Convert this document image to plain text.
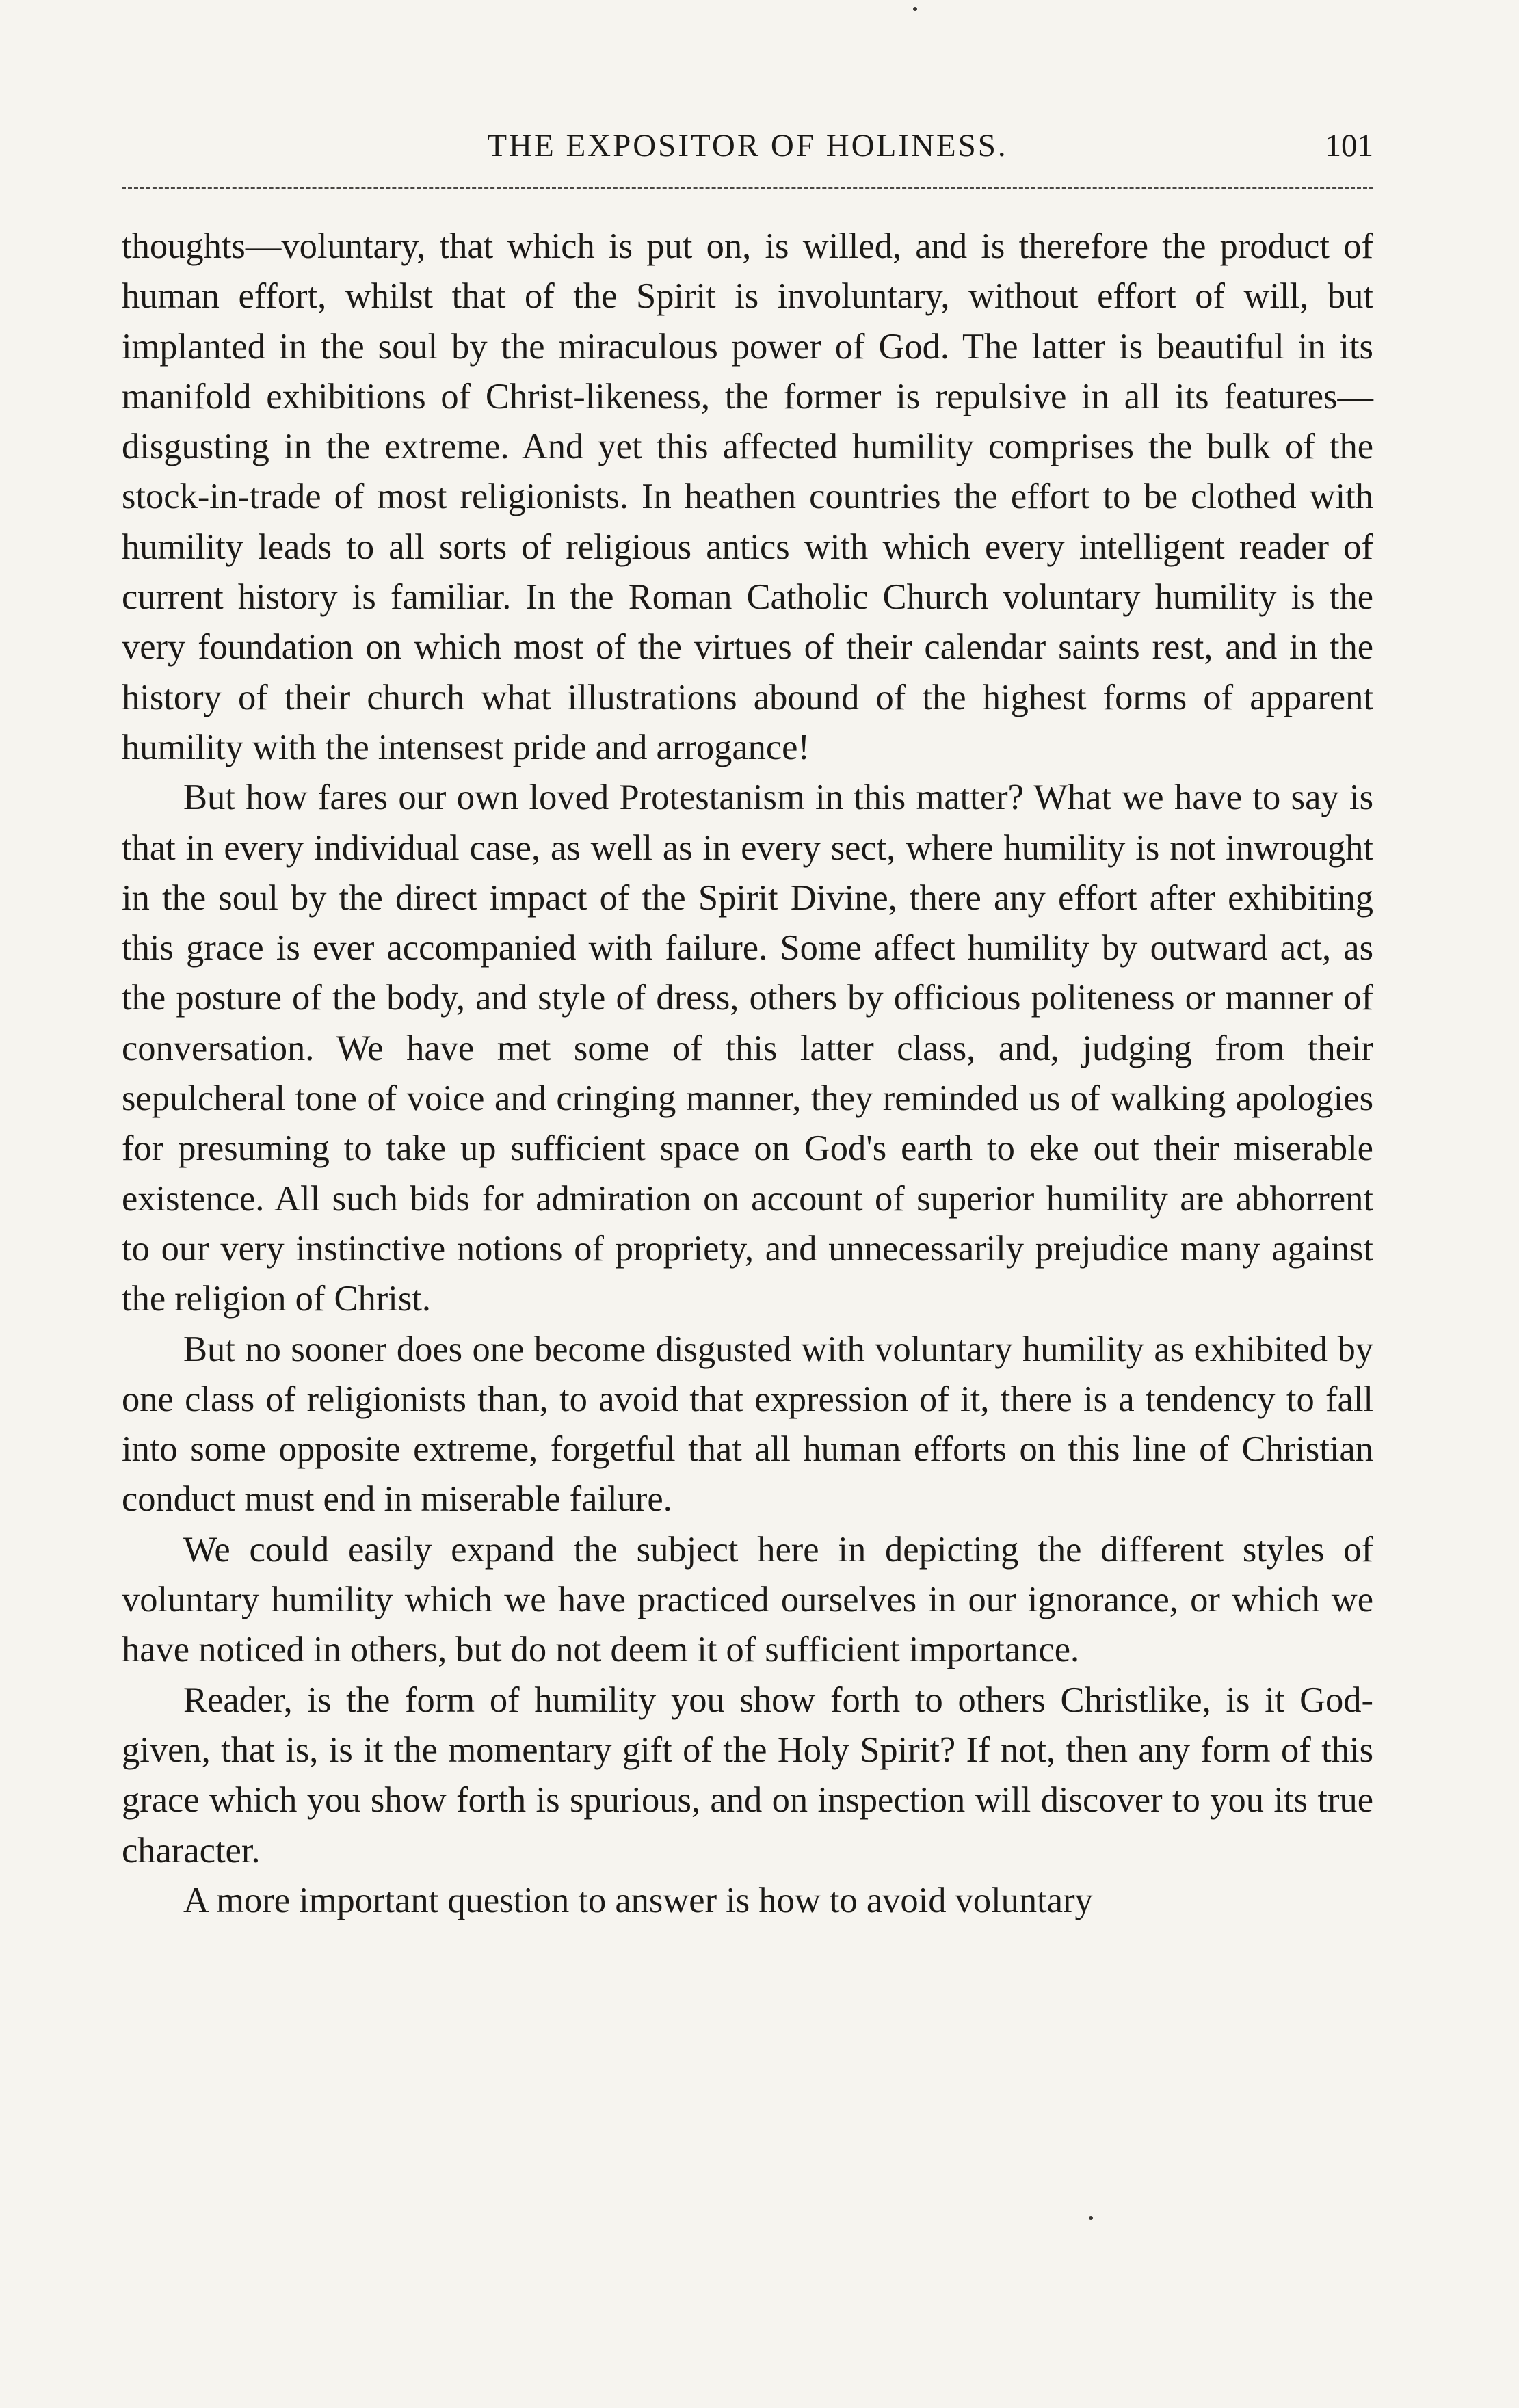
THE EXPOSITOR OF HOLINESS.	101

thoughts—voluntary, that which is put on, is willed, and is therefore the product of human effort, whilst that of the Spirit is involuntary, without effort of will, but implanted in the soul by the miraculous power of God. The latter is beautiful in its manifold exhibitions of Christ-likeness, the former is repulsive in all its features—disgusting in the extreme. And yet this affected humility comprises the bulk of the stock-in-trade of most religionists. In heathen countries the effort to be clothed with humility leads to all sorts of religious antics with which every intelligent reader of current history is familiar. In the Roman Catholic Church voluntary humility is the very foundation on which most of the virtues of their calendar saints rest, and in the history of their church what illustrations abound of the highest forms of apparent humility with the intensest pride and arrogance!

But how fares our own loved Protestanism in this matter? What we have to say is that in every individual case, as well as in every sect, where humility is not inwrought in the soul by the direct impact of the Spirit Divine, there any effort after exhibiting this grace is ever accompanied with failure. Some affect humility by outward act, as the posture of the body, and style of dress, others by officious politeness or manner of conversation. We have met some of this latter class, and, judging from their sepulcheral tone of voice and cringing manner, they reminded us of walking apologies for presuming to take up sufficient space on God's earth to eke out their miserable existence. All such bids for admiration on account of superior humility are abhorrent to our very instinctive notions of propriety, and unnecessarily prejudice many against the religion of Christ.

But no sooner does one become disgusted with voluntary humility as exhibited by one class of religionists than, to avoid that expression of it, there is a tendency to fall into some opposite extreme, forgetful that all human efforts on this line of Christian conduct must end in miserable failure.

We could easily expand the subject here in depicting the different styles of voluntary humility which we have practiced ourselves in our ignorance, or which we have noticed in others, but do not deem it of sufficient importance.

Reader, is the form of humility you show forth to others Christlike, is it God-given, that is, is it the momentary gift of the Holy Spirit? If not, then any form of this grace which you show forth is spurious, and on inspection will discover to you its true character.

A more important question to answer is how to avoid voluntary
